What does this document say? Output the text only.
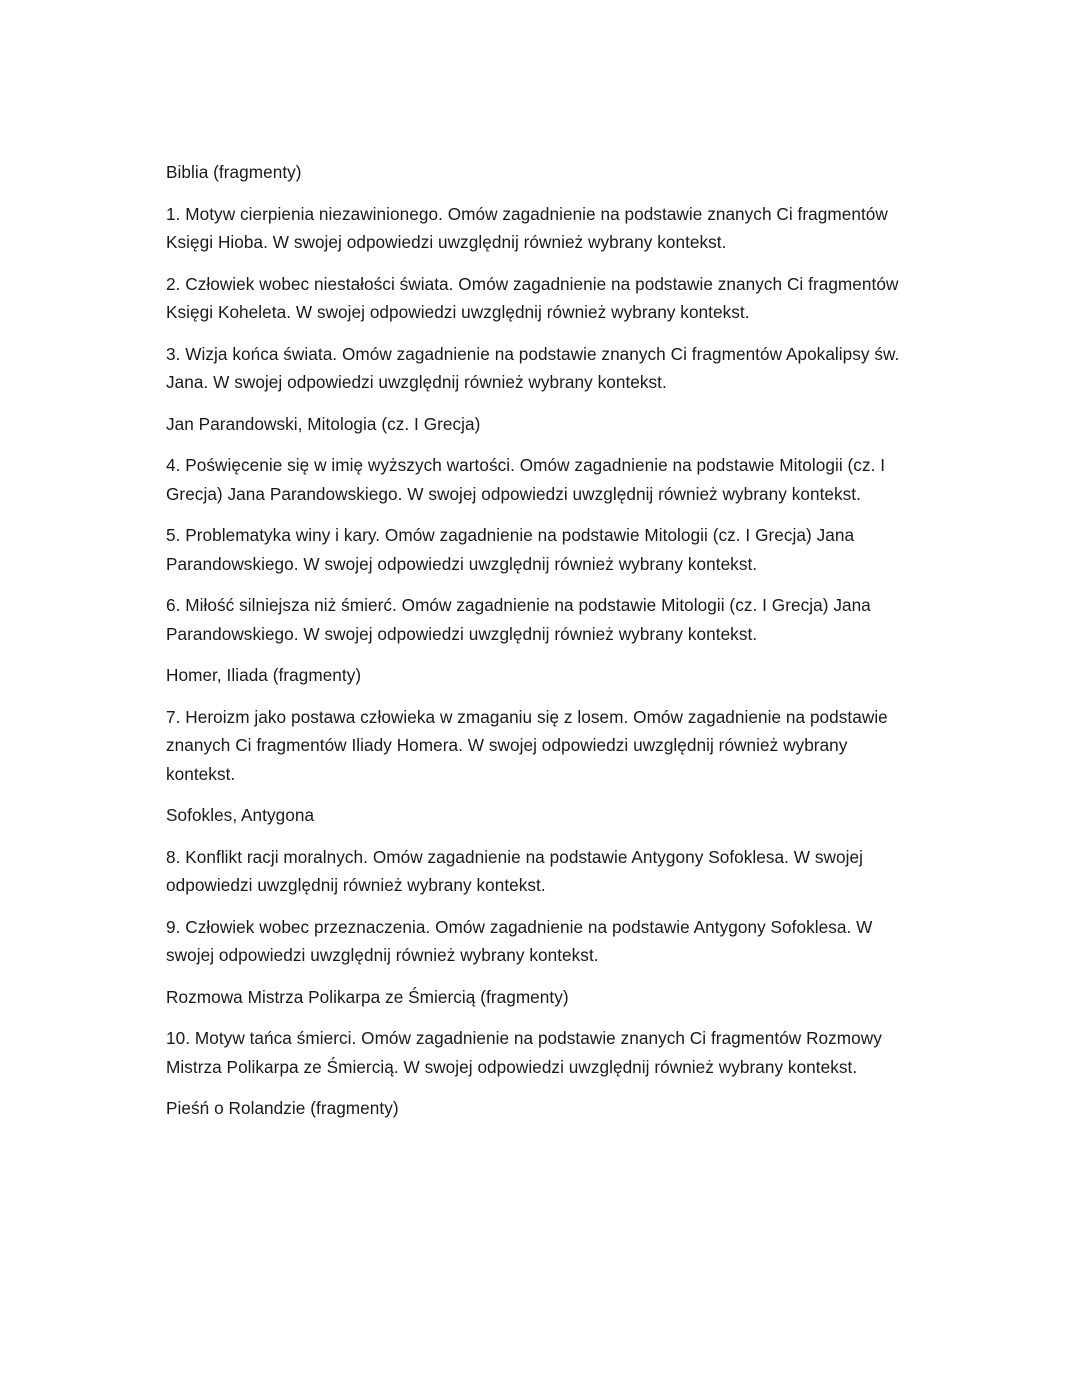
Biblia (fragmenty)

1. Motyw cierpienia niezawinionego. Omów zagadnienie na podstawie znanych Ci fragmentów Księgi Hioba. W swojej odpowiedzi uwzględnij również wybrany kontekst.

2. Człowiek wobec niestałości świata. Omów zagadnienie na podstawie znanych Ci fragmentów Księgi Koheleta. W swojej odpowiedzi uwzględnij również wybrany kontekst.

3. Wizja końca świata. Omów zagadnienie na podstawie znanych Ci fragmentów Apokalipsy św. Jana. W swojej odpowiedzi uwzględnij również wybrany kontekst.

Jan Parandowski, Mitologia (cz. I Grecja)

4. Poświęcenie się w imię wyższych wartości. Omów zagadnienie na podstawie Mitologii (cz. I Grecja) Jana Parandowskiego. W swojej odpowiedzi uwzględnij również wybrany kontekst.

5. Problematyka winy i kary. Omów zagadnienie na podstawie Mitologii (cz. I Grecja) Jana Parandowskiego. W swojej odpowiedzi uwzględnij również wybrany kontekst.

6. Miłość silniejsza niż śmierć. Omów zagadnienie na podstawie Mitologii (cz. I Grecja) Jana Parandowskiego. W swojej odpowiedzi uwzględnij również wybrany kontekst.

Homer, Iliada (fragmenty)

7. Heroizm jako postawa człowieka w zmaganiu się z losem. Omów zagadnienie na podstawie znanych Ci fragmentów Iliady Homera. W swojej odpowiedzi uwzględnij również wybrany kontekst.

Sofokles, Antygona

8. Konflikt racji moralnych. Omów zagadnienie na podstawie Antygony Sofoklesa. W swojej odpowiedzi uwzględnij również wybrany kontekst.

9. Człowiek wobec przeznaczenia. Omów zagadnienie na podstawie Antygony Sofoklesa. W swojej odpowiedzi uwzględnij również wybrany kontekst.

Rozmowa Mistrza Polikarpa ze Śmiercią (fragmenty)

10. Motyw tańca śmierci. Omów zagadnienie na podstawie znanych Ci fragmentów Rozmowy Mistrza Polikarpa ze Śmiercią. W swojej odpowiedzi uwzględnij również wybrany kontekst.

Pieśń o Rolandzie (fragmenty)
